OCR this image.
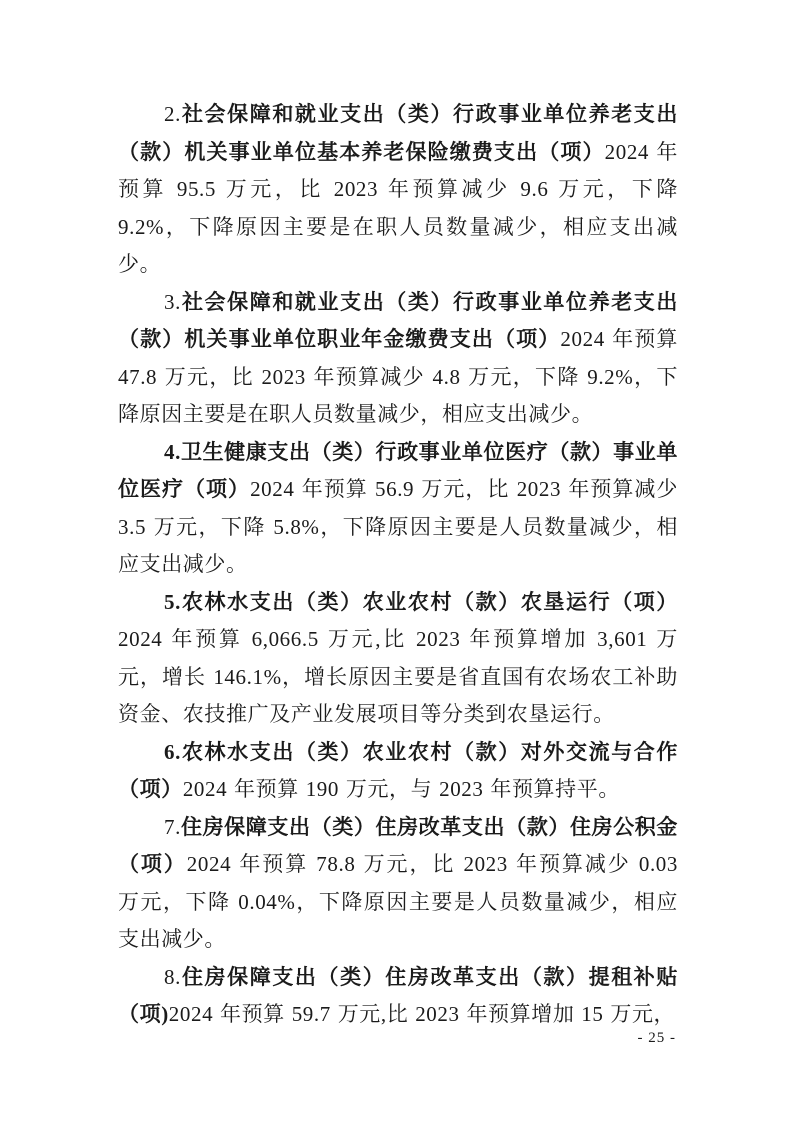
2.社会保障和就业支出（类）行政事业单位养老支出（款）机关事业单位基本养老保险缴费支出（项）2024 年预算 95.5 万元，比 2023 年预算减少 9.6 万元，下降 9.2%，下降原因主要是在职人员数量减少，相应支出减少。

3.社会保障和就业支出（类）行政事业单位养老支出（款）机关事业单位职业年金缴费支出（项）2024 年预算 47.8 万元，比 2023 年预算减少 4.8 万元，下降 9.2%，下降原因主要是在职人员数量减少，相应支出减少。

4.卫生健康支出（类）行政事业单位医疗（款）事业单位医疗（项）2024 年预算 56.9 万元，比 2023 年预算减少 3.5 万元，下降 5.8%，下降原因主要是人员数量减少，相应支出减少。

5.农林水支出（类）农业农村（款）农垦运行（项）2024 年预算 6,066.5 万元,比 2023 年预算增加 3,601 万元，增长 146.1%，增长原因主要是省直国有农场农工补助资金、农技推广及产业发展项目等分类到农垦运行。

6.农林水支出（类）农业农村（款）对外交流与合作（项）2024 年预算 190 万元，与 2023 年预算持平。

7.住房保障支出（类）住房改革支出（款）住房公积金（项）2024 年预算 78.8 万元，比 2023 年预算减少 0.03 万元，下降 0.04%，下降原因主要是人员数量减少，相应支出减少。

8.住房保障支出（类）住房改革支出（款）提租补贴（项)2024 年预算 59.7 万元,比 2023 年预算增加 15 万元，

- 25 -
